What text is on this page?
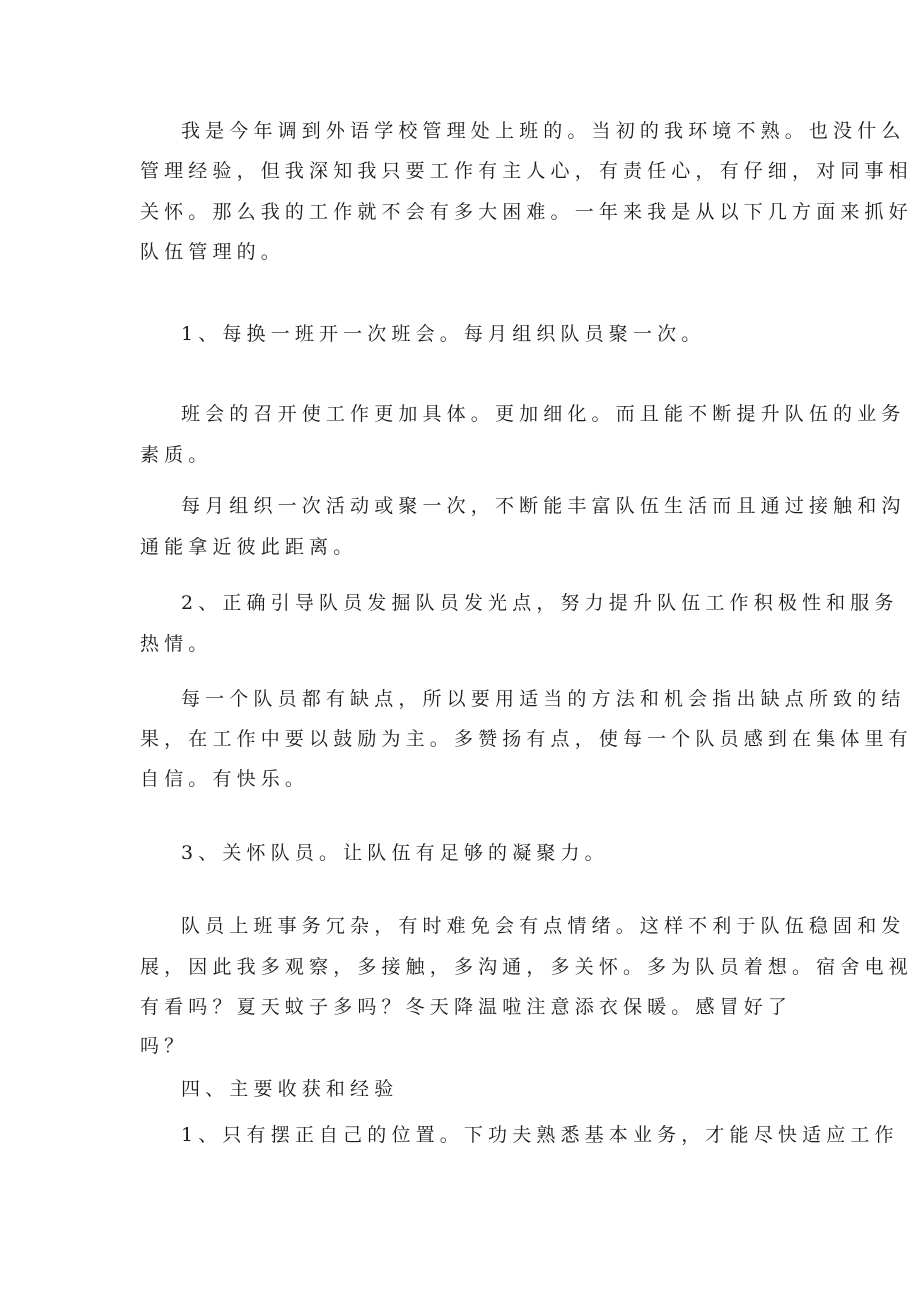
我是今年调到外语学校管理处上班的。当初的我环境不熟。也没什么
管理经验，但我深知我只要工作有主人心，有责任心，有仔细，对同事相
关怀。那么我的工作就不会有多大困难。一年来我是从以下几方面来抓好
队伍管理的。
1、每换一班开一次班会。每月组织队员聚一次。
班会的召开使工作更加具体。更加细化。而且能不断提升队伍的业务
素质。
每月组织一次活动或聚一次，不断能丰富队伍生活而且通过接触和沟
通能拿近彼此距离。
2、正确引导队员发掘队员发光点，努力提升队伍工作积极性和服务
热情。
每一个队员都有缺点，所以要用适当的方法和机会指出缺点所致的结
果，在工作中要以鼓励为主。多赞扬有点，使每一个队员感到在集体里有
自信。有快乐。
3、关怀队员。让队伍有足够的凝聚力。
队员上班事务冗杂，有时难免会有点情绪。这样不利于队伍稳固和发
展，因此我多观察，多接触，多沟通，多关怀。多为队员着想。宿舍电视
有看吗？夏天蚊子多吗？冬天降温啦注意添衣保暖。感冒好了
吗？
四、主要收获和经验
1、只有摆正自己的位置。下功夫熟悉基本业务，才能尽快适应工作
